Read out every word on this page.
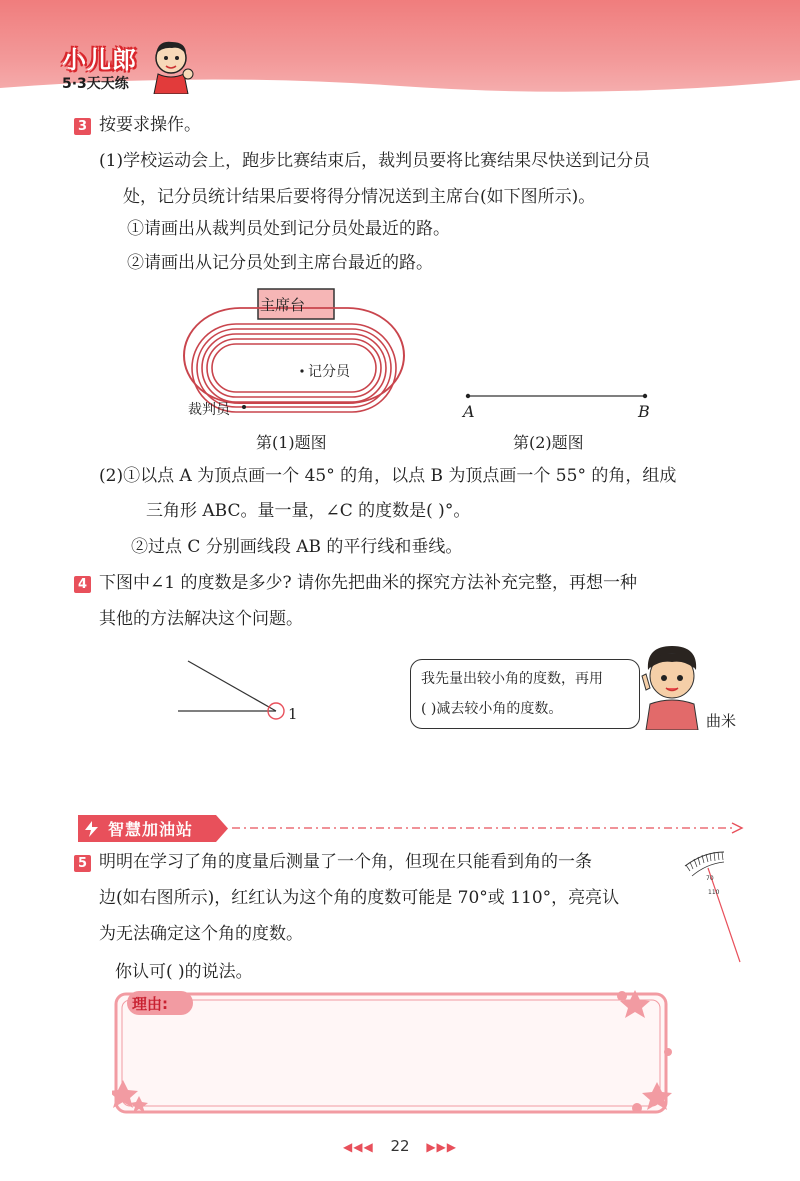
小儿郎
5·3天天练
3 按要求操作。
(1)学校运动会上，跑步比赛结束后，裁判员要将比赛结果尽快送到记分员
处，记分员统计结果后要将得分情况送到主席台(如下图所示)。
①请画出从裁判员处到记分员处最近的路。
②请画出从记分员处到主席台最近的路。
主席台
记分员
裁判员
第(1)题图
A	B
第(2)题图
(2)①以点 A 为顶点画一个 45° 的角，以点 B 为顶点画一个 55° 的角，组成
三角形 ABC。量一量，∠C 的度数是( )°。
②过点 C 分别画线段 AB 的平行线和垂线。
4 下图中∠1 的度数是多少? 请你先把曲米的探究方法补充完整，再想一种
其他的方法解决这个问题。
1
我先量出较小角的度数，再用
( )减去较小角的度数。
曲米
智慧加油站
5 明明在学习了角的度量后测量了一个角，但现在只能看到角的一条
边(如右图所示)，红红认为这个角的度数可能是 70°或 110°，亮亮认
为无法确定这个角的度数。
你认可( )的说法。
70
110
理由:
◀◀◀ 22 ▶▶▶
